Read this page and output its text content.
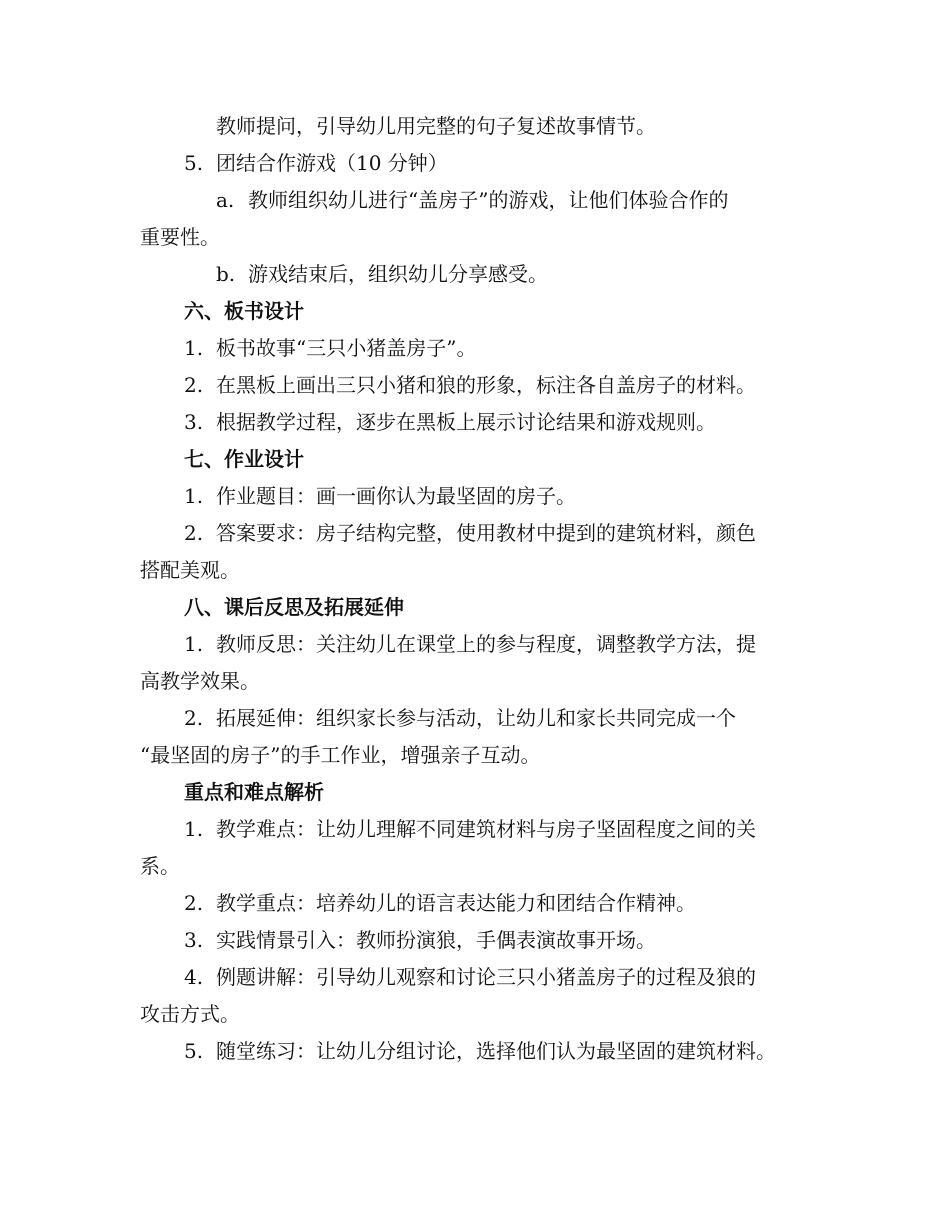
教师提问，引导幼儿用完整的句子复述故事情节。
5. 团结合作游戏（10 分钟）
a. 教师组织幼儿进行“盖房子”的游戏，让他们体验合作的
重要性。
b. 游戏结束后，组织幼儿分享感受。
六、板书设计
1. 板书故事“三只小猪盖房子”。
2. 在黑板上画出三只小猪和狼的形象，标注各自盖房子的材料。
3. 根据教学过程，逐步在黑板上展示讨论结果和游戏规则。
七、作业设计
1. 作业题目：画一画你认为最坚固的房子。
2. 答案要求：房子结构完整，使用教材中提到的建筑材料，颜色
搭配美观。
八、课后反思及拓展延伸
1. 教师反思：关注幼儿在课堂上的参与程度，调整教学方法，提
高教学效果。
2. 拓展延伸：组织家长参与活动，让幼儿和家长共同完成一个
“最坚固的房子”的手工作业，增强亲子互动。
重点和难点解析
1. 教学难点：让幼儿理解不同建筑材料与房子坚固程度之间的关
系。
2. 教学重点：培养幼儿的语言表达能力和团结合作精神。
3. 实践情景引入：教师扮演狼，手偶表演故事开场。
4. 例题讲解：引导幼儿观察和讨论三只小猪盖房子的过程及狼的
攻击方式。
5. 随堂练习：让幼儿分组讨论，选择他们认为最坚固的建筑材料。
